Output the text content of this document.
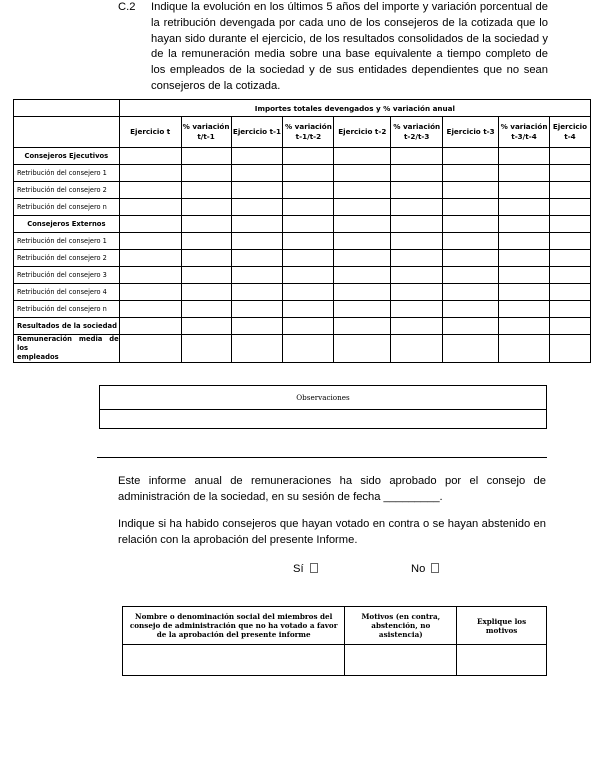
C.2 Indique la evolución en los últimos 5 años del importe y variación porcentual de la retribución devengada por cada uno de los consejeros de la cotizada que lo hayan sido durante el ejercicio, de los resultados consolidados de la sociedad y de la remuneración media sobre una base equivalente a tiempo completo de los empleados de la sociedad y de sus entidades dependientes que no sean consejeros de la cotizada.
	Importes totales devengados y % variación anual								
	Ejercicio t	% variación t/t-1	Ejercicio t-1	% variación t-1/t-2	Ejercicio t-2	% variación t-2/t-3	Ejercicio t-3	% variación t-3/t-4	Ejercicio t-4
Consejeros Ejecutivos									
Retribución del consejero 1									
Retribución del consejero 2									
Retribución del consejero n									
Consejeros Externos									
Retribución del consejero 1									
Retribución del consejero 2									
Retribución del consejero 3									
Retribución del consejero 4									
Retribución del consejero n									
Resultados de la sociedad									

Remuneración media de los
empleados									

Observaciones

Este informe anual de remuneraciones ha sido aprobado por el consejo de administración de la sociedad, en su sesión de fecha _________.
Indique si ha habido consejeros que hayan votado en contra o se hayan abstenido en relación con la aprobación del presente Informe.
Sí	No
Nombre o denominación social del miembros del consejo de administración que no ha votado a favor de la aprobación del presente informe	Motivos (en contra, abstención, no asistencia)	Explique los motivos
